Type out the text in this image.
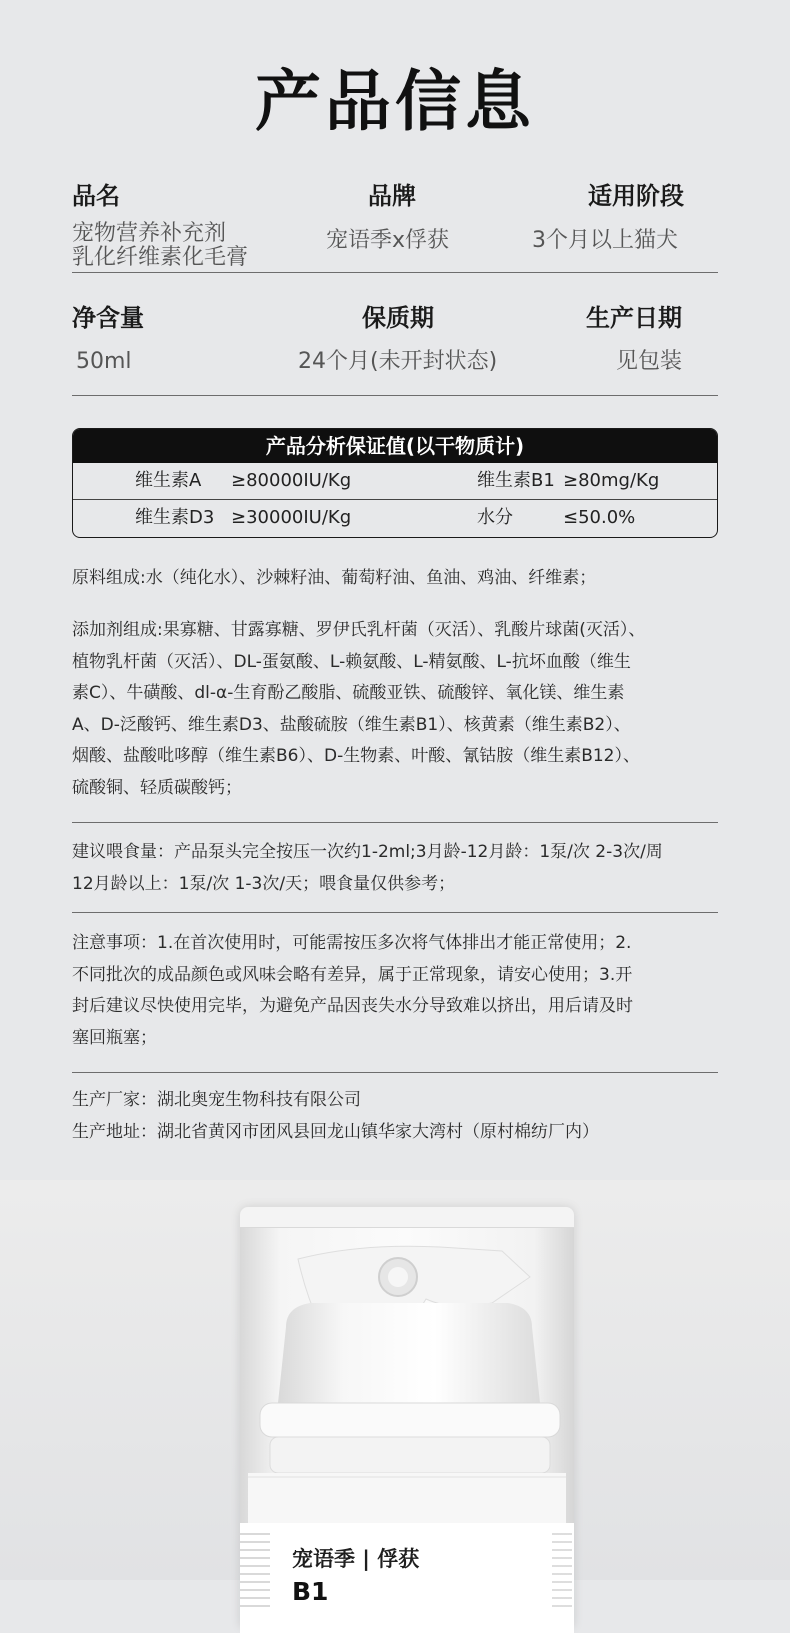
产品信息
品名	品牌	适用阶段
宠物营养补充剂
乳化纤维素化毛膏
宠语季x俘获	3个月以上猫犬
净含量	保质期	生产日期
50ml	24个月(未开封状态)	见包装
产品分析保证值(以干物质计)
维生素A ≥80000IU/Kg	维生素B1 ≥80mg/Kg
维生素D3 ≥30000IU/Kg	水分	≤50.0%
原料组成:水（纯化水）、沙棘籽油、葡萄籽油、鱼油、鸡油、纤维素；
添加剂组成:果寡糖、甘露寡糖、罗伊氏乳杆菌（灭活）、乳酸片球菌(灭活）、
植物乳杆菌（灭活）、DL-蛋氨酸、L-赖氨酸、L-精氨酸、L-抗坏血酸（维生
素C）、牛磺酸、dl-α-生育酚乙酸脂、硫酸亚铁、硫酸锌、氧化镁、维生素
A、D-泛酸钙、维生素D3、盐酸硫胺（维生素B1）、核黄素（维生素B2）、
烟酸、盐酸吡哆醇（维生素B6）、D-生物素、叶酸、氰钴胺（维生素B12）、
硫酸铜、轻质碳酸钙；
建议喂食量：产品泵头完全按压一次约1-2ml;3月龄-12月龄：1泵/次 2-3次/周
12月龄以上：1泵/次 1-3次/天；喂食量仅供参考；
注意事项：1.在首次使用时，可能需按压多次将气体排出才能正常使用；2.
不同批次的成品颜色或风味会略有差异，属于正常现象，请安心使用；3.开
封后建议尽快使用完毕，为避免产品因丧失水分导致难以挤出，用后请及时
塞回瓶塞；
生产厂家：湖北奥宠生物科技有限公司
生产地址：湖北省黄冈市团风县回龙山镇华家大湾村（原村棉纺厂内）
宠语季 | 俘获
B1
